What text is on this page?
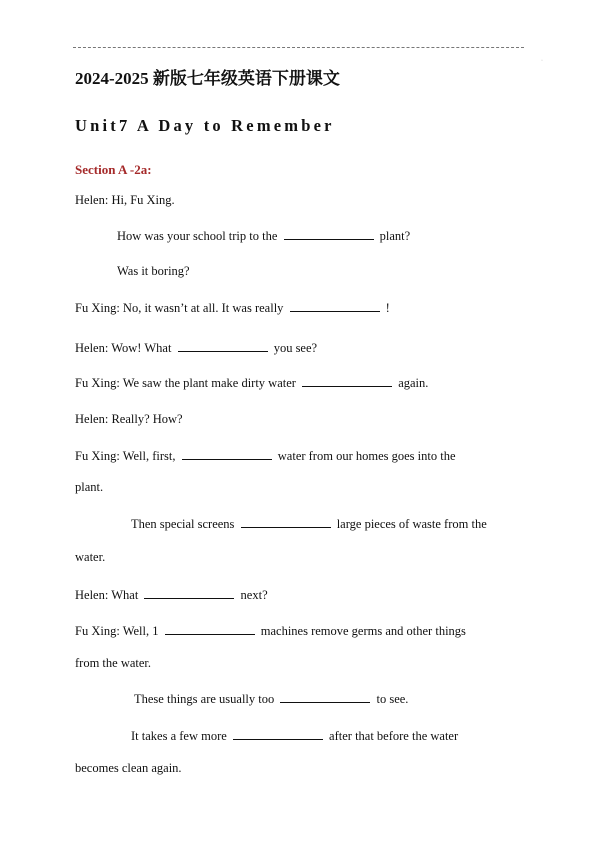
·
2024-2025 新版七年级英语下册课文
Unit7 A Day to Remember
Section A -2a:
Helen: Hi, Fu Xing.
How was your school trip to the	plant?
Was it boring?
Fu Xing: No, it wasn’t at all. It was really	!
Helen: Wow! What	you see?
Fu Xing: We saw the plant make dirty water	again.
Helen: Really? How?
Fu Xing: Well, first,	water from our homes goes into the
plant.
Then special screens	large pieces of waste from the
water.
Helen: What	next?
Fu Xing: Well, 1	machines remove germs and other things
from the water.
These things are usually too	to see.
It takes a few more	after that before the water
becomes clean again.
